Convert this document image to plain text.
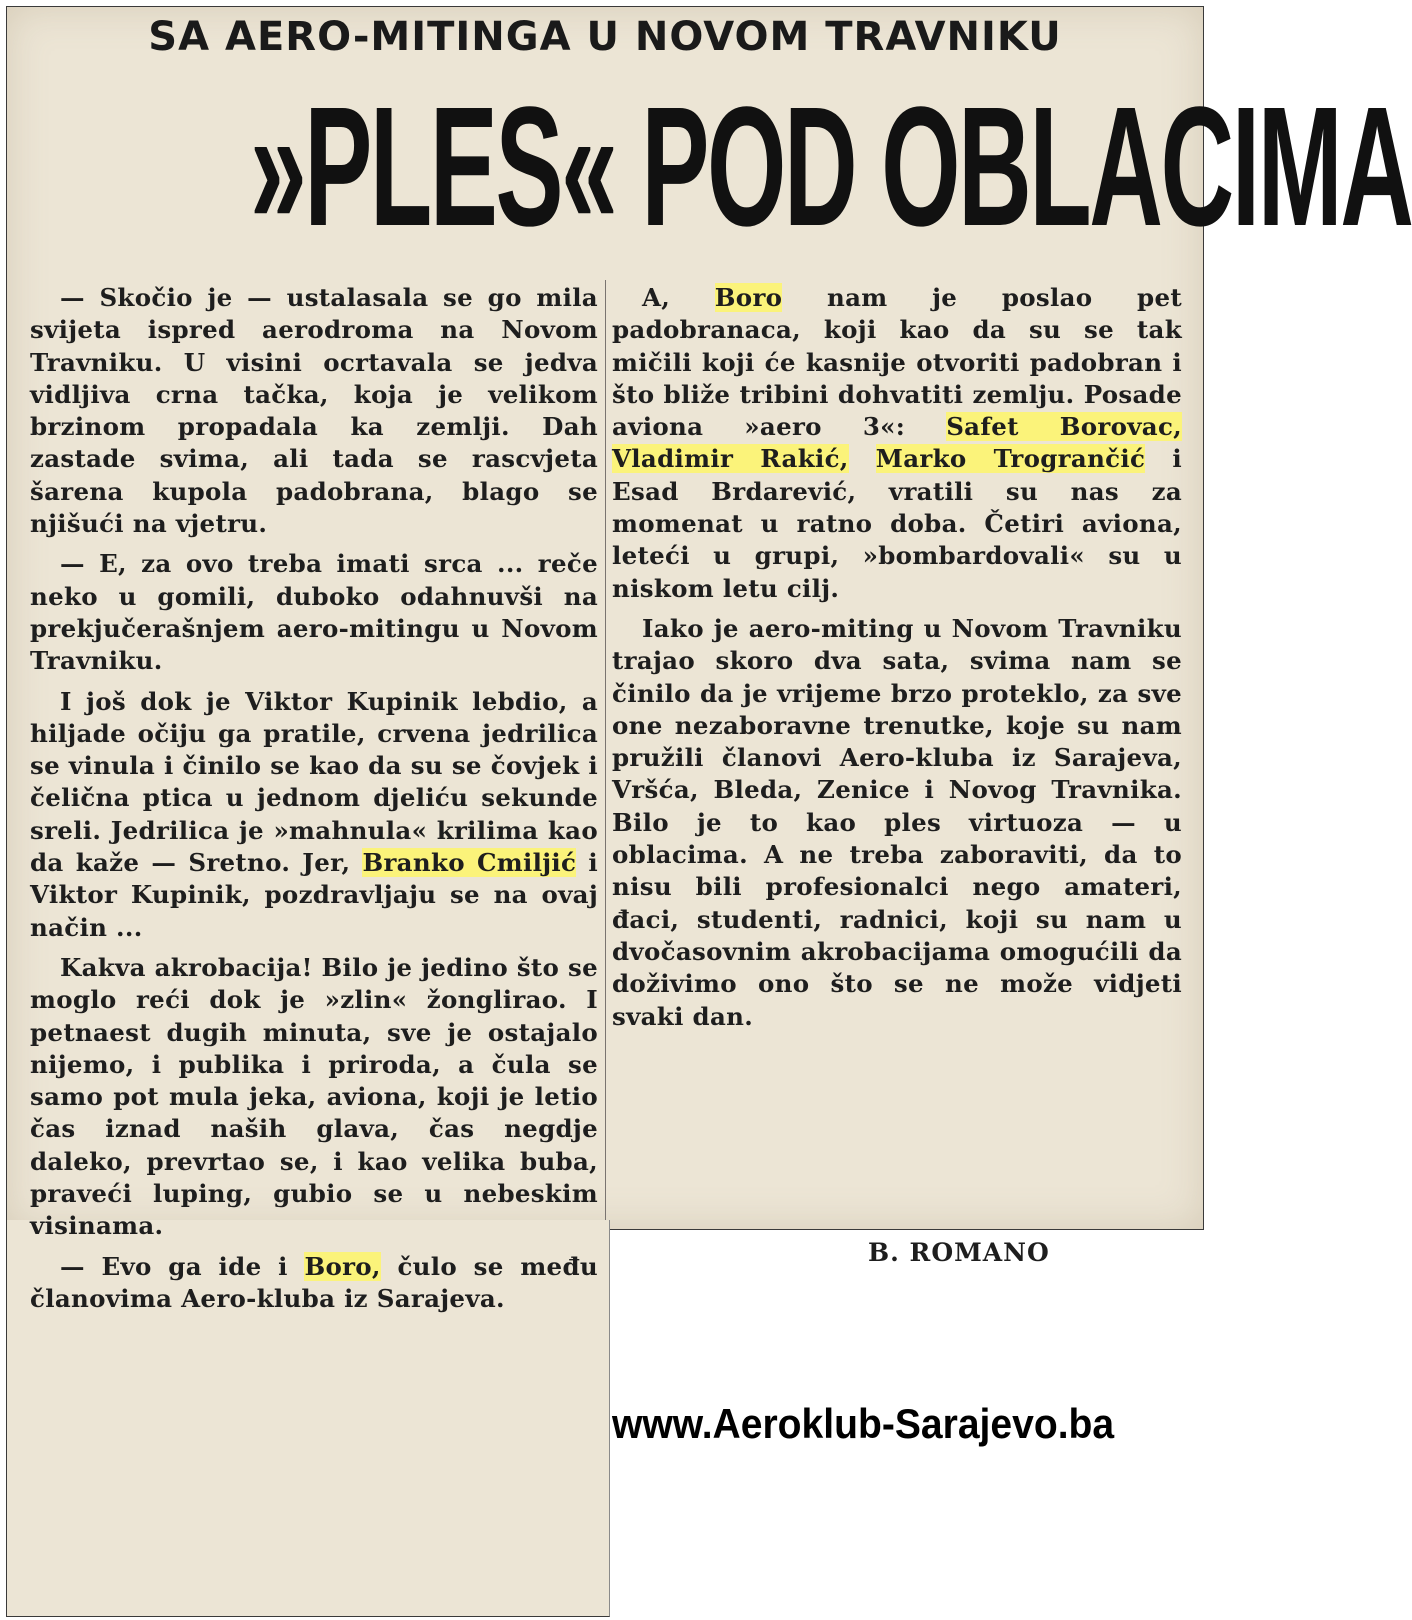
SA AERO-MITINGA U NOVOM TRAVNIKU
»PLES« POD OBLACIMA

— Skočio je — ustalasala se go mila svijeta ispred aerodroma na Novom Travniku. U visini ocrtavala se jedva vidljiva crna tačka, koja je velikom brzinom propadala ka zemlji. Dah zastade svima, ali tada se rascvjeta šarena kupola padobrana, blago se njišući na vjetru.

— E, za ovo treba imati srca ... reče neko u gomili, duboko odahnuvši na prekjučerašnjem aero-mitingu u Novom Travniku.

I još dok je Viktor Kupinik lebdio, a hiljade očiju ga pratile, crvena jedrilica se vinula i činilo se kao da su se čovjek i čelična ptica u jednom djeliću sekunde sreli. Jedrilica je »mahnula« krilima kao da kaže — Sretno. Jer, Branko Cmiljić i Viktor Kupinik, pozdravljaju se na ovaj način ...

Kakva akrobacija! Bilo je jedino što se moglo reći dok je »zlin« žonglirao. I petnaest dugih minuta, sve je ostajalo nijemo, i publika i priroda, a čula se samo pot mula jeka, aviona, koji je letio čas iznad naših glava, čas negdje daleko, prevrtao se, i kao velika buba, praveći luping, gubio se u nebeskim visinama.

— Evo ga ide i Boro, čulo se među članovima Aero-kluba iz Sarajeva.

A, Boro nam je poslao pet padobranaca, koji kao da su se tak mičili koji će kasnije otvoriti padobran i što bliže tribini dohvatiti zemlju. Posade aviona »aero 3«: Safet Borovac, Vladimir Rakić, Marko Trogrančić i Esad Brdarević, vratili su nas za momenat u ratno doba. Četiri aviona, leteći u grupi, »bombardovali« su u niskom letu cilj.

Iako je aero-miting u Novom Travniku trajao skoro dva sata, svima nam se činilo da je vrijeme brzo proteklo, za sve one nezaboravne trenutke, koje su nam pružili članovi Aero-kluba iz Sarajeva, Vršća, Bleda, Zenice i Novog Travnika. Bilo je to kao ples virtuoza — u oblacima. A ne treba zaboraviti, da to nisu bili profesionalci nego amateri, đaci, studenti, radnici, koji su nam u dvočasovnim akrobacijama omogućili da doživimo ono što se ne može vidjeti svaki dan.

B. ROMANO
www.Aeroklub-Sarajevo.ba
